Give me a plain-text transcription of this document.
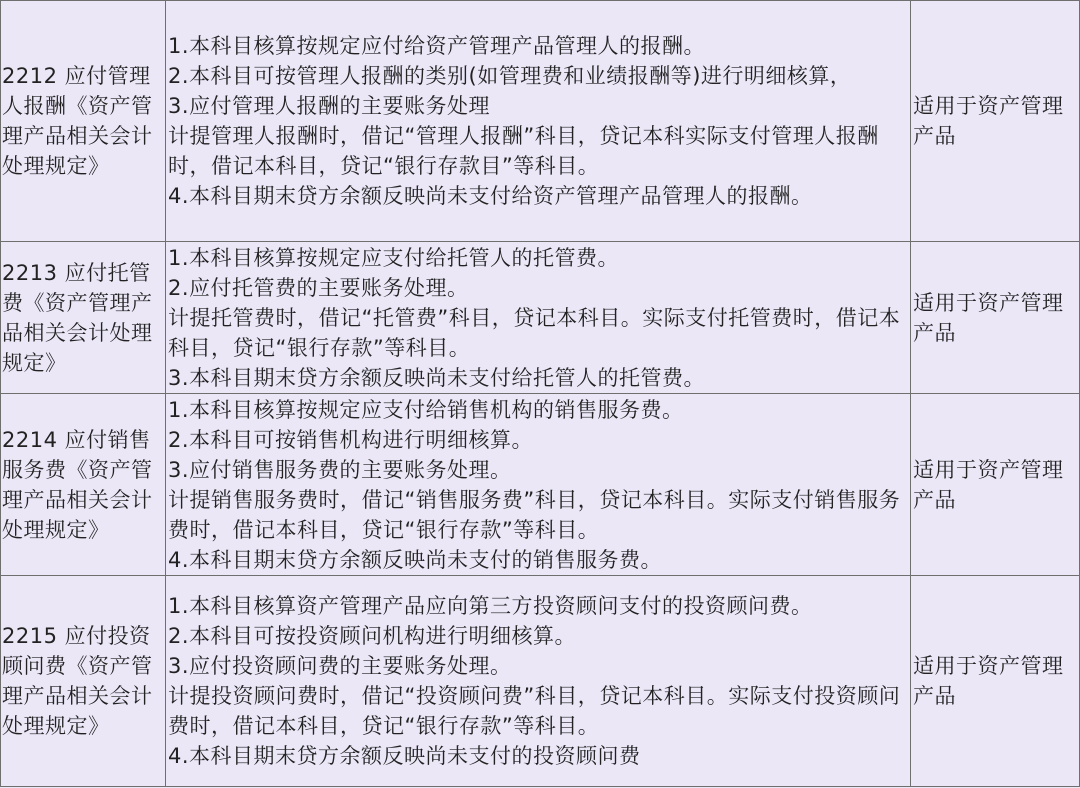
2212 应付管理人报酬《资产管理产品相关会计处理规定》	1.本科目核算按规定应付给资产管理产品管理人的报酬。
2.本科目可按管理人报酬的类别(如管理费和业绩报酬等)进行明细核算，
3.应付管理人报酬的主要账务处理
计提管理人报酬时，借记“管理人报酬”科目，贷记本科实际支付管理人报酬时，借记本科目，贷记“银行存款目”等科目。
4.本科目期末贷方余额反映尚未支付给资产管理产品管理人的报酬。	适用于资产管理产品
2213 应付托管费《资产管理产品相关会计处理规定》	1.本科目核算按规定应支付给托管人的托管费。
2.应付托管费的主要账务处理。
计提托管费时，借记“托管费”科目，贷记本科目。实际支付托管费时，借记本科目，贷记“银行存款”等科目。
3.本科目期末贷方余额反映尚未支付给托管人的托管费。	适用于资产管理产品
2214 应付销售服务费《资产管理产品相关会计处理规定》	1.本科目核算按规定应支付给销售机构的销售服务费。
2.本科目可按销售机构进行明细核算。
3.应付销售服务费的主要账务处理。
计提销售服务费时，借记“销售服务费”科目，贷记本科目。实际支付销售服务费时，借记本科目，贷记“银行存款”等科目。
4.本科目期末贷方余额反映尚未支付的销售服务费。	适用于资产管理产品
2215 应付投资顾问费《资产管理产品相关会计处理规定》	1.本科目核算资产管理产品应向第三方投资顾问支付的投资顾问费。
2.本科目可按投资顾问机构进行明细核算。
3.应付投资顾问费的主要账务处理。
计提投资顾问费时，借记“投资顾问费”科目，贷记本科目。实际支付投资顾问费时，借记本科目，贷记“银行存款”等科目。
4.本科目期末贷方余额反映尚未支付的投资顾问费	适用于资产管理产品
